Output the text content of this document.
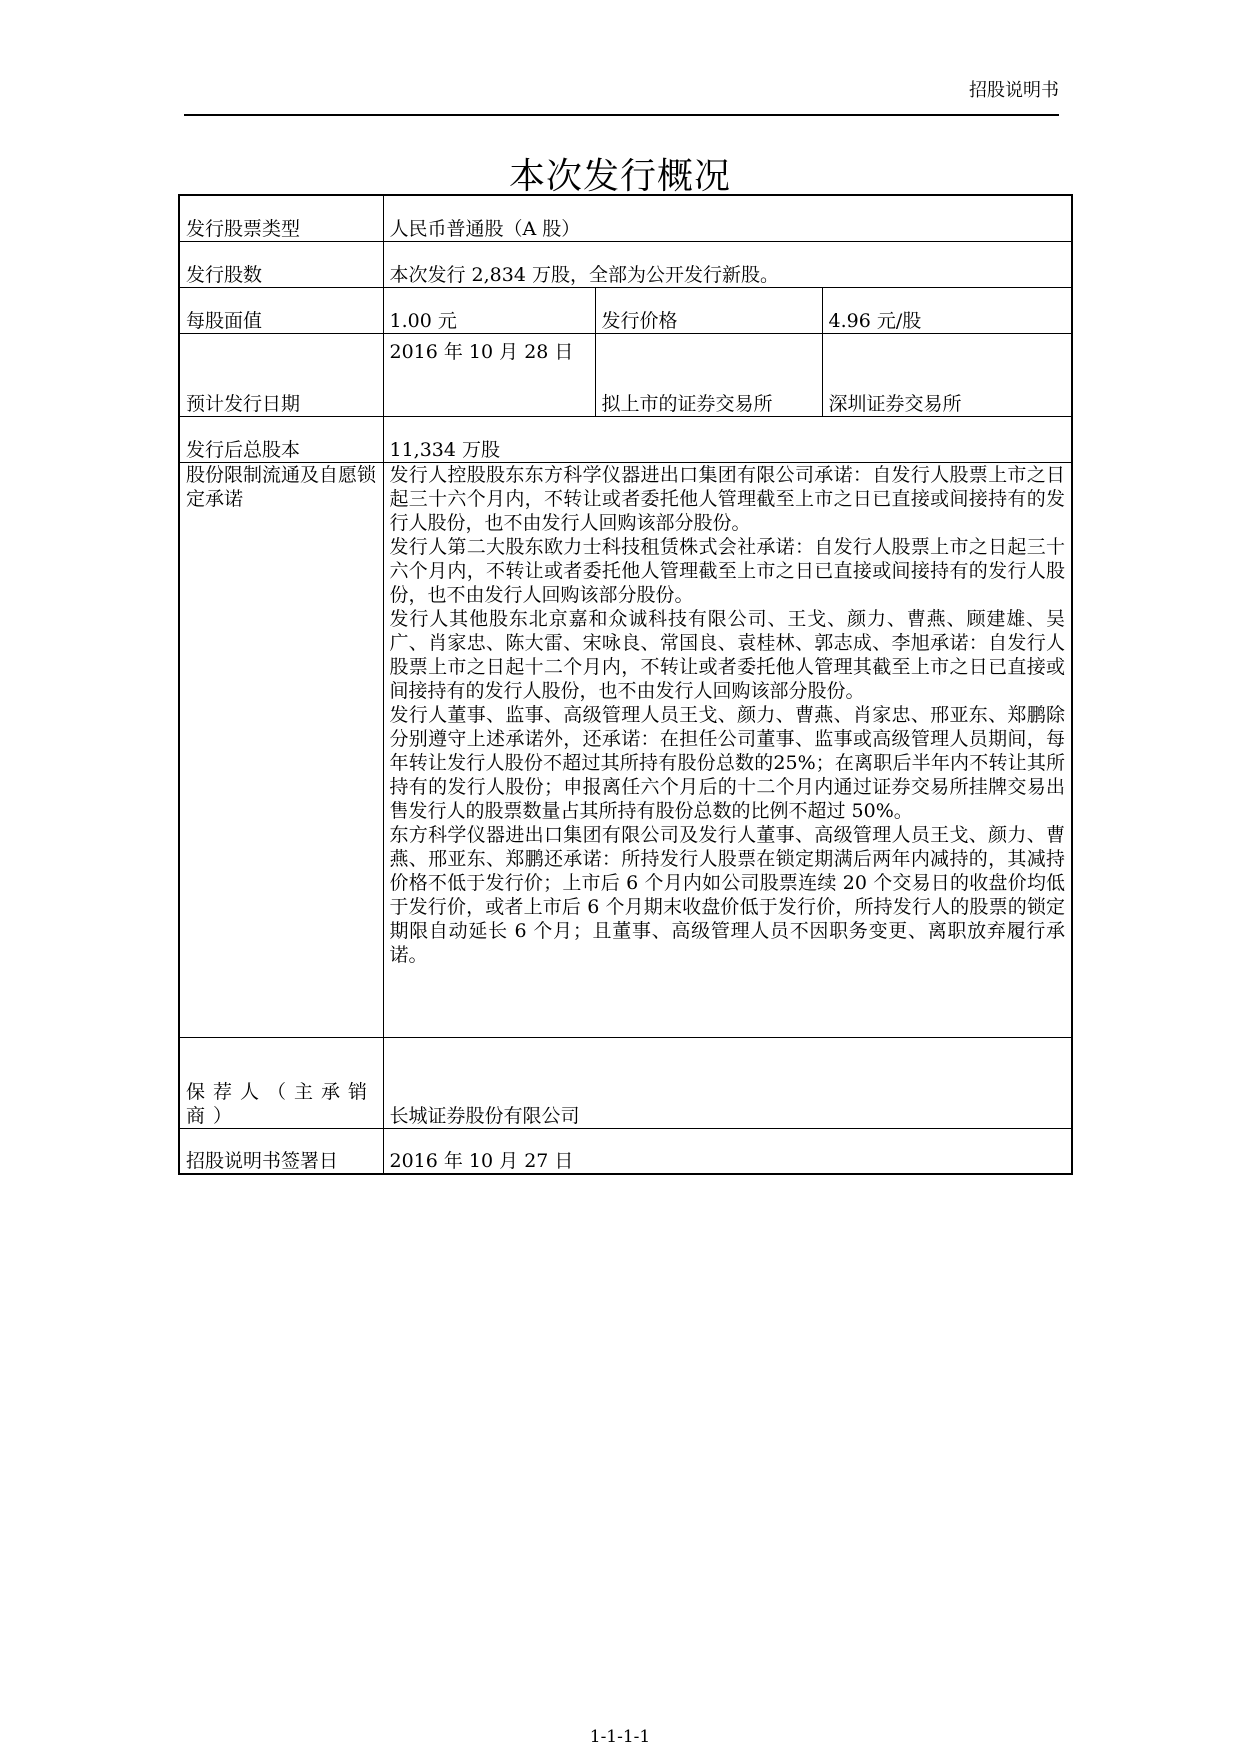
招股说明书
本次发行概况
发行股票类型	人民币普通股（A 股）		
发行股数	本次发行 2,834 万股，全部为公开发行新股。		
每股面值	1.00 元	发行价格	4.96 元/股
预计发行日期	2016 年 10 月 28 日	拟上市的证券交易所	深圳证券交易所
发行后总股本	11,334 万股		
股份限制流通及自愿锁定承诺	发行人控股股东东方科学仪器进出口集团有限公司承诺：自发行人股票上市之日起三十六个月内，不转让或者委托他人管理截至上市之日已直接或间接持有的发行人股份，也不由发行人回购该部分股份。

发行人第二大股东欧力士科技租赁株式会社承诺：自发行人股票上市之日起三十六个月内，不转让或者委托他人管理截至上市之日已直接或间接持有的发行人股份，也不由发行人回购该部分股份。

发行人其他股东北京嘉和众诚科技有限公司、王戈、颜力、曹燕、顾建雄、吴广、肖家忠、陈大雷、宋咏良、常国良、袁桂林、郭志成、李旭承诺：自发行人股票上市之日起十二个月内，不转让或者委托他人管理其截至上市之日已直接或间接持有的发行人股份，也不由发行人回购该部分股份。

发行人董事、监事、高级管理人员王戈、颜力、曹燕、肖家忠、邢亚东、郑鹏除分别遵守上述承诺外，还承诺：在担任公司董事、监事或高级管理人员期间，每年转让发行人股份不超过其所持有股份总数的25%；在离职后半年内不转让其所持有的发行人股份；申报离任六个月后的十二个月内通过证券交易所挂牌交易出售发行人的股票数量占其所持有股份总数的比例不超过 50%。

东方科学仪器进出口集团有限公司及发行人董事、高级管理人员王戈、颜力、曹燕、邢亚东、郑鹏还承诺：所持发行人股票在锁定期满后两年内减持的，其减持价格不低于发行价；上市后 6 个月内如公司股票连续 20 个交易日的收盘价均低于发行价，或者上市后 6 个月期末收盘价低于发行价，所持发行人的股票的锁定期限自动延长 6 个月；且董事、高级管理人员不因职务变更、离职放弃履行承诺。		

保荐人（主承销商）	长城证券股份有限公司		
招股说明书签署日	2016 年 10 月 27 日		
1-1-1-1
